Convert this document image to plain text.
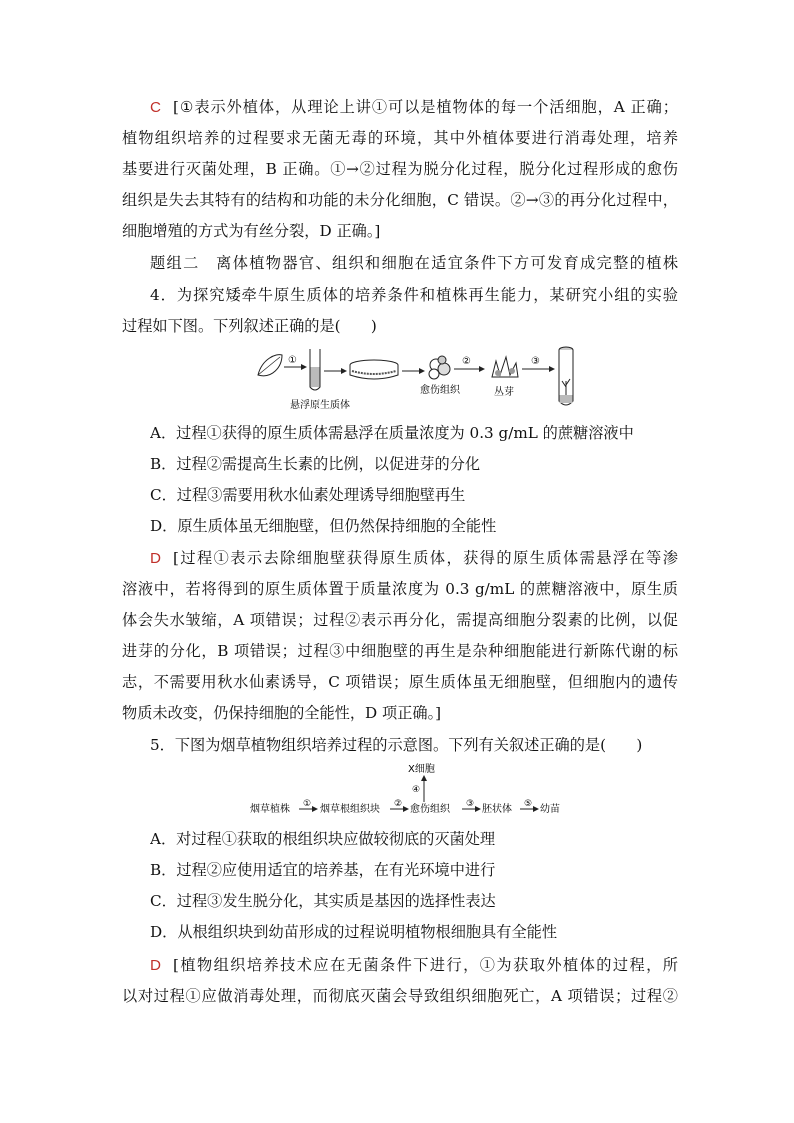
C [①表示外植体，从理论上讲①可以是植物体的每一个活细胞，A 正确；
植物组织培养的过程要求无菌无毒的环境，其中外植体要进行消毒处理，培养
基要进行灭菌处理，B 正确。①→②过程为脱分化过程，脱分化过程形成的愈伤
组织是失去其特有的结构和功能的未分化细胞，C 错误。②→③的再分化过程中，
细胞增殖的方式为有丝分裂，D 正确。]
题组二　离体植物器官、组织和细胞在适宜条件下方可发育成完整的植株
4．为探究矮牵牛原生质体的培养条件和植株再生能力，某研究小组的实验
过程如下图。下列叙述正确的是(　　)
①	②	③
悬浮原生质体
愈伤组织	丛芽
A．过程①获得的原生质体需悬浮在质量浓度为 0.3 g/mL 的蔗糖溶液中
B．过程②需提高生长素的比例，以促进芽的分化
C．过程③需要用秋水仙素处理诱导细胞壁再生
D．原生质体虽无细胞壁，但仍然保持细胞的全能性
D [过程①表示去除细胞壁获得原生质体，获得的原生质体需悬浮在等渗
溶液中，若将得到的原生质体置于质量浓度为 0.3 g/mL 的蔗糖溶液中，原生质
体会失水皱缩，A 项错误；过程②表示再分化，需提高细胞分裂素的比例，以促
进芽的分化，B 项错误；过程③中细胞壁的再生是杂种细胞能进行新陈代谢的标
志，不需要用秋水仙素诱导，C 项错误；原生质体虽无细胞壁，但细胞内的遗传
物质未改变，仍保持细胞的全能性，D 项正确。]
5．下图为烟草植物组织培养过程的示意图。下列有关叙述正确的是(　　)
X细胞
④
烟草植株 ① 烟草根组织块 ② 愈伤组织 ③ 胚状体 ⑤ 幼苗
A．对过程①获取的根组织块应做较彻底的灭菌处理
B．过程②应使用适宜的培养基，在有光环境中进行
C．过程③发生脱分化，其实质是基因的选择性表达
D．从根组织块到幼苗形成的过程说明植物根细胞具有全能性
D [植物组织培养技术应在无菌条件下进行，①为获取外植体的过程，所
以对过程①应做消毒处理，而彻底灭菌会导致组织细胞死亡，A 项错误；过程②
